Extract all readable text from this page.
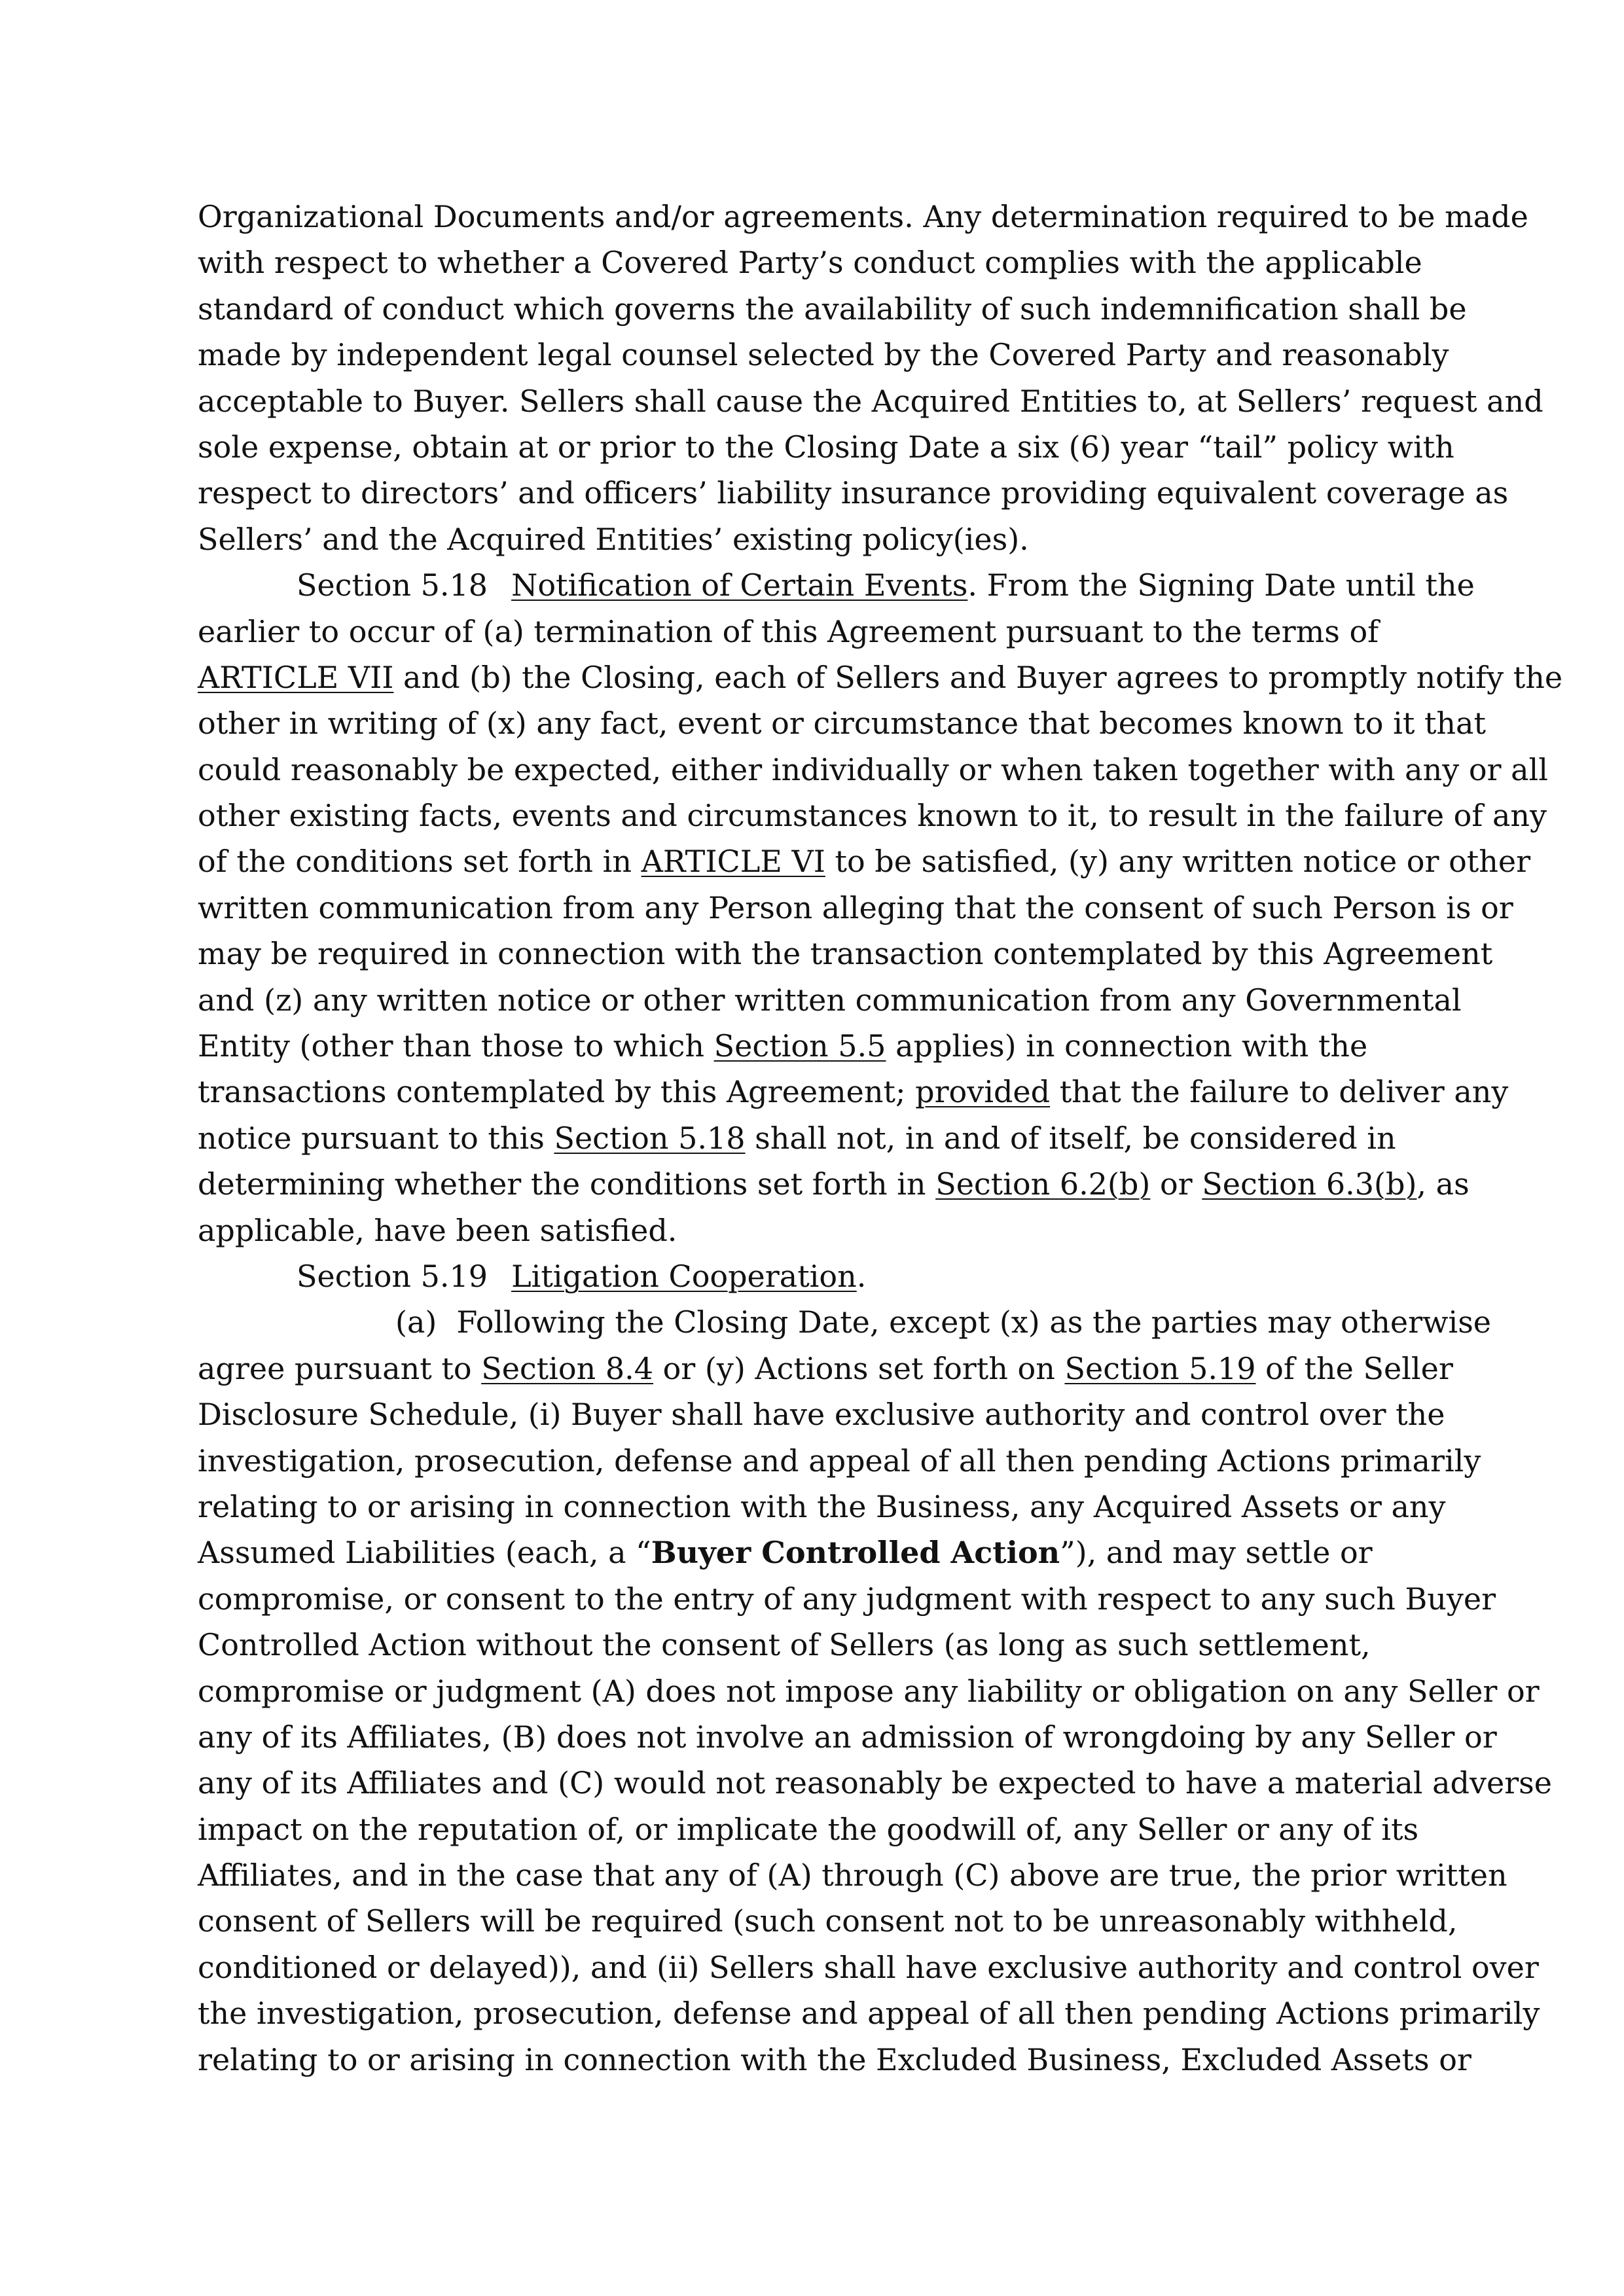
Organizational Documents and/or agreements. Any determination required to be made
with respect to whether a Covered Party’s conduct complies with the applicable
standard of conduct which governs the availability of such indemnification shall be
made by independent legal counsel selected by the Covered Party and reasonably
acceptable to Buyer. Sellers shall cause the Acquired Entities to, at Sellers’ request and
sole expense, obtain at or prior to the Closing Date a six (6) year “tail” policy with
respect to directors’ and officers’ liability insurance providing equivalent coverage as
Sellers’ and the Acquired Entities’ existing policy(ies).
Section 5.18 Notification of Certain Events. From the Signing Date until the
earlier to occur of (a) termination of this Agreement pursuant to the terms of
ARTICLE VII and (b) the Closing, each of Sellers and Buyer agrees to promptly notify the
other in writing of (x) any fact, event or circumstance that becomes known to it that
could reasonably be expected, either individually or when taken together with any or all
other existing facts, events and circumstances known to it, to result in the failure of any
of the conditions set forth in ARTICLE VI to be satisfied, (y) any written notice or other
written communication from any Person alleging that the consent of such Person is or
may be required in connection with the transaction contemplated by this Agreement
and (z) any written notice or other written communication from any Governmental
Entity (other than those to which Section 5.5 applies) in connection with the
transactions contemplated by this Agreement; provided that the failure to deliver any
notice pursuant to this Section 5.18 shall not, in and of itself, be considered in
determining whether the conditions set forth in Section 6.2(b) or Section 6.3(b), as
applicable, have been satisfied.
Section 5.19 Litigation Cooperation.
(a) Following the Closing Date, except (x) as the parties may otherwise
agree pursuant to Section 8.4 or (y) Actions set forth on Section 5.19 of the Seller
Disclosure Schedule, (i) Buyer shall have exclusive authority and control over the
investigation, prosecution, defense and appeal of all then pending Actions primarily
relating to or arising in connection with the Business, any Acquired Assets or any
Assumed Liabilities (each, a “Buyer Controlled Action”), and may settle or
compromise, or consent to the entry of any judgment with respect to any such Buyer
Controlled Action without the consent of Sellers (as long as such settlement,
compromise or judgment (A) does not impose any liability or obligation on any Seller or
any of its Affiliates, (B) does not involve an admission of wrongdoing by any Seller or
any of its Affiliates and (C) would not reasonably be expected to have a material adverse
impact on the reputation of, or implicate the goodwill of, any Seller or any of its
Affiliates, and in the case that any of (A) through (C) above are true, the prior written
consent of Sellers will be required (such consent not to be unreasonably withheld,
conditioned or delayed)), and (ii) Sellers shall have exclusive authority and control over
the investigation, prosecution, defense and appeal of all then pending Actions primarily
relating to or arising in connection with the Excluded Business, Excluded Assets or
